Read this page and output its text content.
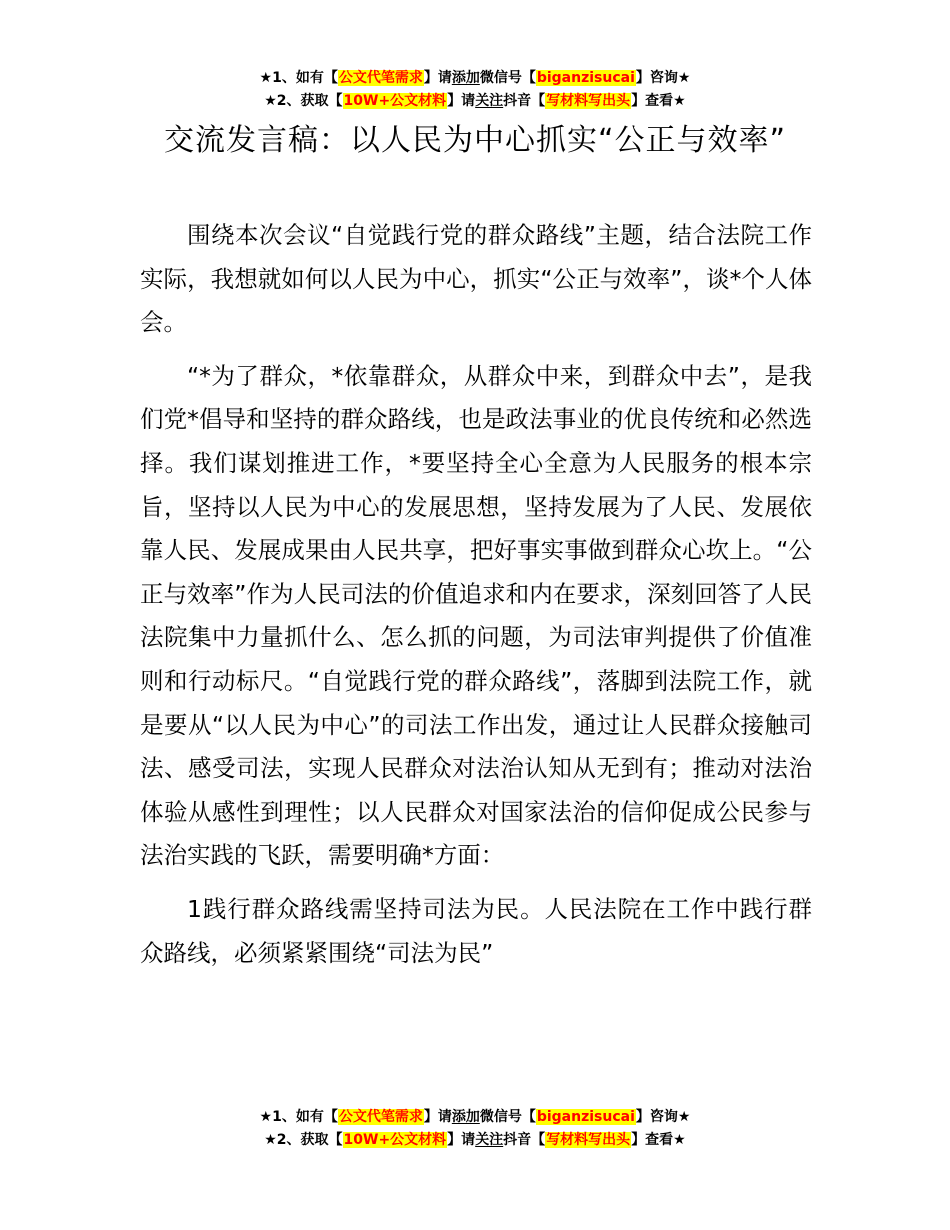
★1、如有【公文代笔需求】请添加微信号【biganzisucai】咨询★
★2、获取【10W+公文材料】请关注抖音【写材料写出头】查看★
交流发言稿：以人民为中心抓实“公正与效率”

围绕本次会议“自觉践行党的群众路线”主题，结合法院工作实际，我想就如何以人民为中心，抓实“公正与效率”，谈*个人体会。

“*为了群众，*依靠群众，从群众中来，到群众中去”，是我们党*倡导和坚持的群众路线，也是政法事业的优良传统和必然选择。我们谋划推进工作，*要坚持全心全意为人民服务的根本宗旨，坚持以人民为中心的发展思想，坚持发展为了人民、发展依靠人民、发展成果由人民共享，把好事实事做到群众心坎上。“公正与效率”作为人民司法的价值追求和内在要求，深刻回答了人民法院集中力量抓什么、怎么抓的问题，为司法审判提供了价值准则和行动标尺。“自觉践行党的群众路线”，落脚到法院工作，就是要从“以人民为中心”的司法工作出发，通过让人民群众接触司法、感受司法，实现人民群众对法治认知从无到有；推动对法治体验从感性到理性；以人民群众对国家法治的信仰促成公民参与法治实践的飞跃，需要明确*方面：

1践行群众路线需坚持司法为民。人民法院在工作中践行群众路线，必须紧紧围绕“司法为民”

★1、如有【公文代笔需求】请添加微信号【biganzisucai】咨询★
★2、获取【10W+公文材料】请关注抖音【写材料写出头】查看★
